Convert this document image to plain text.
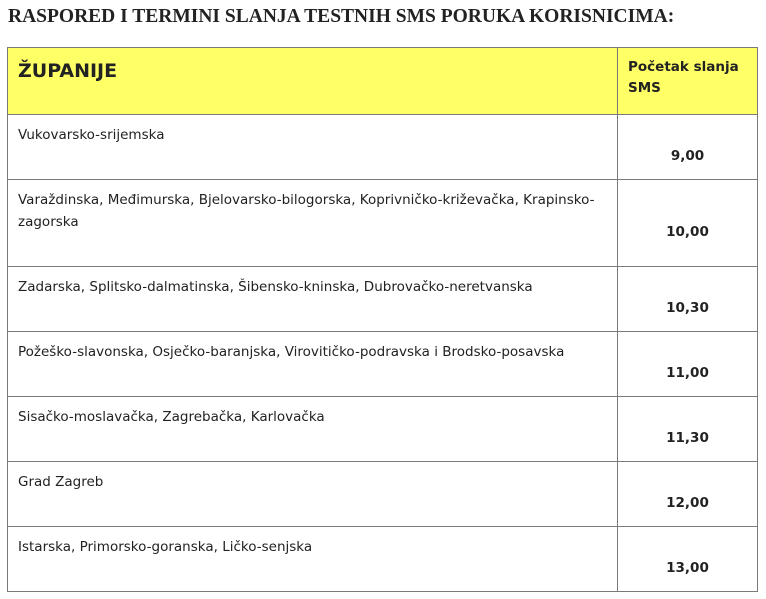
RASPORED I TERMINI SLANJA TESTNIH SMS PORUKA KORISNICIMA:
ŽUPANIJE	Početak slanja
SMS
Vukovarsko-srijemska	9,00
Varaždinska, Međimurska, Bjelovarsko-bilogorska, Koprivničko-križevačka, Krapinsko-zagorska	10,00
Zadarska, Splitsko-dalmatinska, Šibensko-kninska, Dubrovačko-neretvanska	10,30
Požeško-slavonska, Osječko-baranjska, Virovitičko-podravska i Brodsko-posavska	11,00
Sisačko-moslavačka, Zagrebačka, Karlovačka	11,30
Grad Zagreb	12,00
Istarska, Primorsko-goranska, Ličko-senjska	13,00
